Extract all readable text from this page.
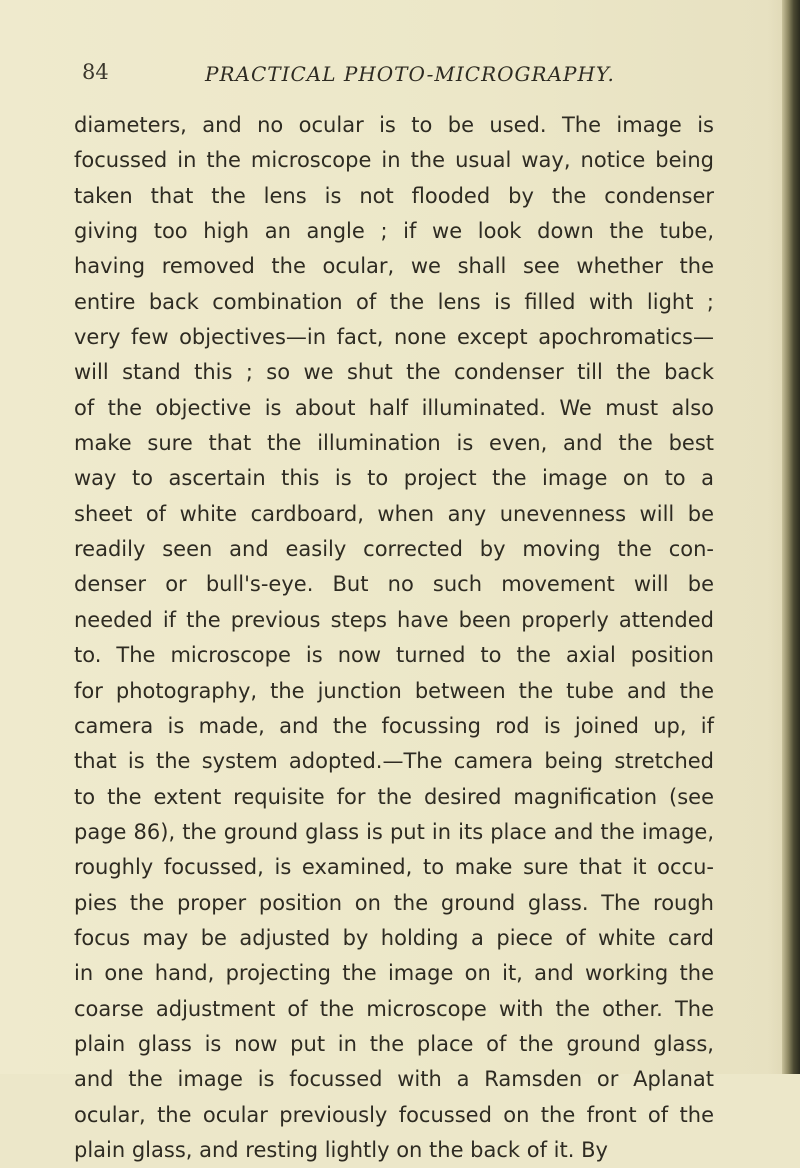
84	PRACTICAL PHOTO-MICROGRAPHY.
diameters, and no ocular is to be used. The image is
focussed in the microscope in the usual way, notice being
taken that the lens is not flooded by the condenser
giving too high an angle ; if we look down the tube,
having removed the ocular, we shall see whether the
entire back combination of the lens is filled with light ;
very few objectives—in fact, none except apochromatics—
will stand this ; so we shut the condenser till the back
of the objective is about half illuminated. We must also
make sure that the illumination is even, and the best
way to ascertain this is to project the image on to a
sheet of white cardboard, when any unevenness will be
readily seen and easily corrected by moving the con-
denser or bull's-eye. But no such movement will be
needed if the previous steps have been properly attended
to. The microscope is now turned to the axial position
for photography, the junction between the tube and the
camera is made, and the focussing rod is joined up, if
that is the system adopted.—The camera being stretched
to the extent requisite for the desired magnification (see
page 86), the ground glass is put in its place and the image,
roughly focussed, is examined, to make sure that it occu-
pies the proper position on the ground glass. The rough
focus may be adjusted by holding a piece of white card
in one hand, projecting the image on it, and working the
coarse adjustment of the microscope with the other. The
plain glass is now put in the place of the ground glass,
and the image is focussed with a Ramsden or Aplanat
ocular, the ocular previously focussed on the front of the
plain glass, and resting lightly on the back of it. By
